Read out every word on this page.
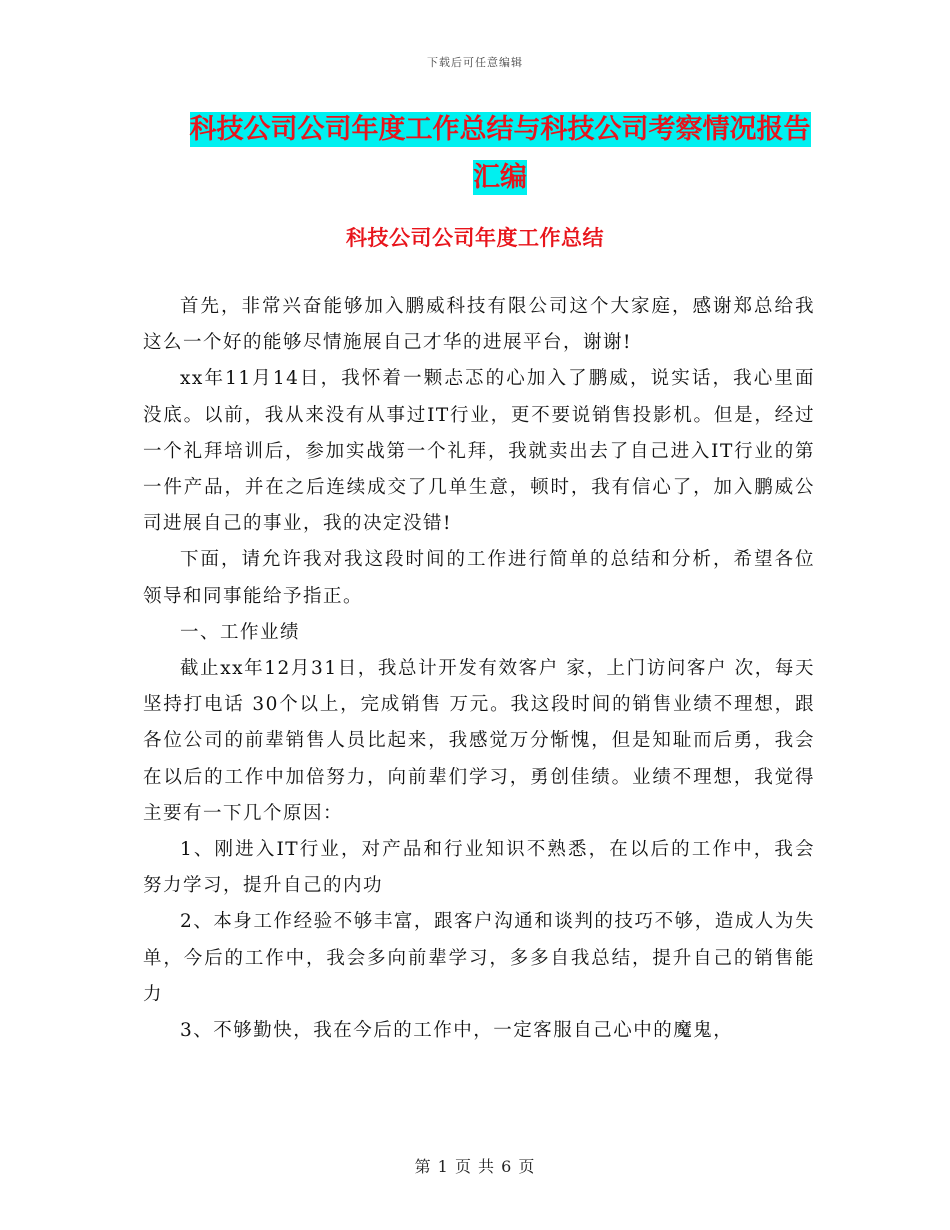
下载后可任意编辑
科技公司公司年度工作总结与科技公司考察情况报告
汇编
科技公司公司年度工作总结

首先，非常兴奋能够加入鹏威科技有限公司这个大家庭，感谢郑总给我这么一个好的能够尽情施展自己才华的进展平台，谢谢!

xx年11月14日，我怀着一颗忐忑的心加入了鹏威，说实话，我心里面没底。以前，我从来没有从事过IT行业，更不要说销售投影机。但是，经过一个礼拜培训后，参加实战第一个礼拜，我就卖出去了自己进入IT行业的第一件产品，并在之后连续成交了几单生意，顿时，我有信心了，加入鹏威公司进展自己的事业，我的决定没错!

下面，请允许我对我这段时间的工作进行简单的总结和分析，希望各位领导和同事能给予指正。

一、工作业绩

截止xx年12月31日，我总计开发有效客户 家，上门访问客户 次，每天坚持打电话 30个以上，完成销售 万元。我这段时间的销售业绩不理想，跟各位公司的前辈销售人员比起来，我感觉万分惭愧，但是知耻而后勇，我会在以后的工作中加倍努力，向前辈们学习，勇创佳绩。业绩不理想，我觉得主要有一下几个原因：

1、刚进入IT行业，对产品和行业知识不熟悉，在以后的工作中，我会努力学习，提升自己的内功

2、本身工作经验不够丰富，跟客户沟通和谈判的技巧不够，造成人为失单，今后的工作中，我会多向前辈学习，多多自我总结，提升自己的销售能力

3、不够勤快，我在今后的工作中，一定客服自己心中的魔鬼，

第 1 页 共 6 页
